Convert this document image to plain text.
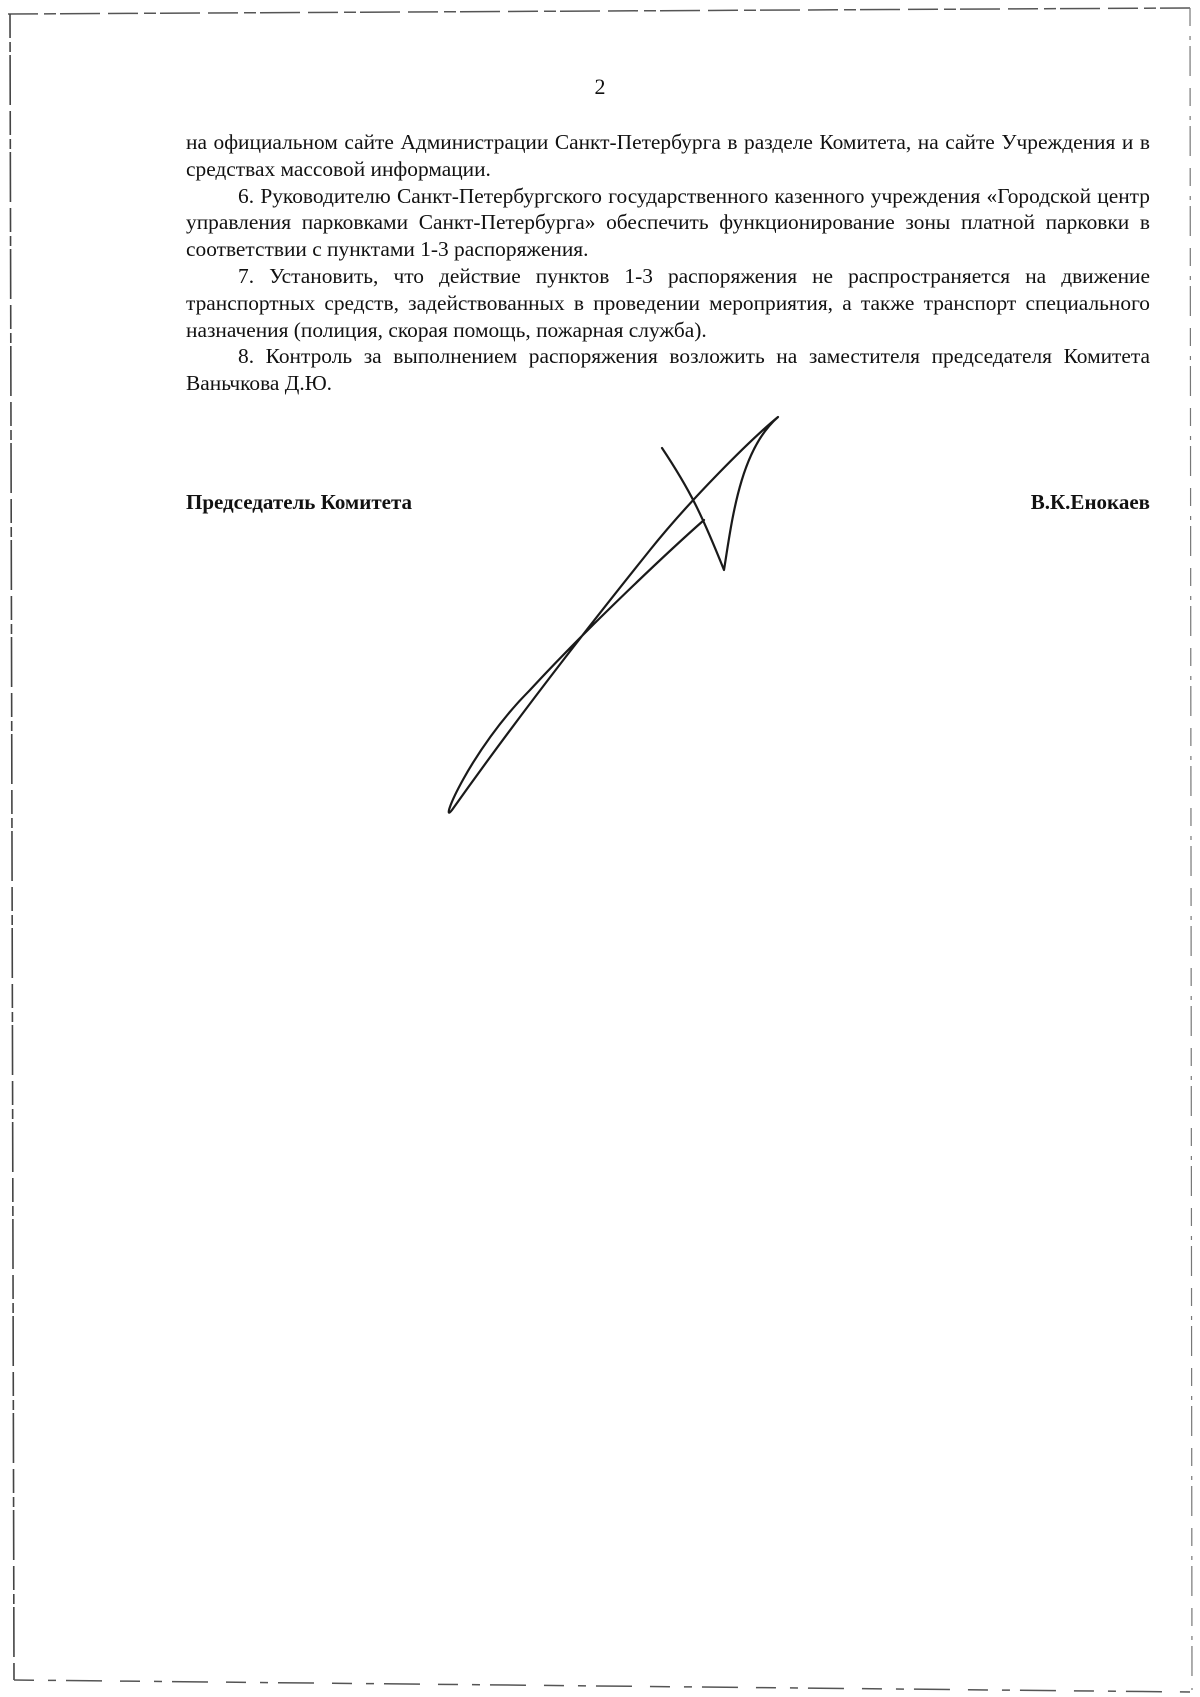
2

на официальном сайте Администрации Санкт-Петербурга в разделе Комитета, на сайте Учреждения и в средствах массовой информации.

6. Руководителю Санкт-Петербургского государственного казенного учреждения «Городской центр управления парковками Санкт-Петербурга» обеспечить функционирование зоны платной парковки в соответствии с пунктами 1-3 распоряжения.

7. Установить, что действие пунктов 1-3 распоряжения не распространяется на движение транспортных средств, задействованных в проведении мероприятия, а также транспорт специального назначения (полиция, скорая помощь, пожарная служба).

8. Контроль за выполнением распоряжения возложить на заместителя председателя Комитета Ваньчкова Д.Ю.

Председатель Комитета	В.К.Енокаев
